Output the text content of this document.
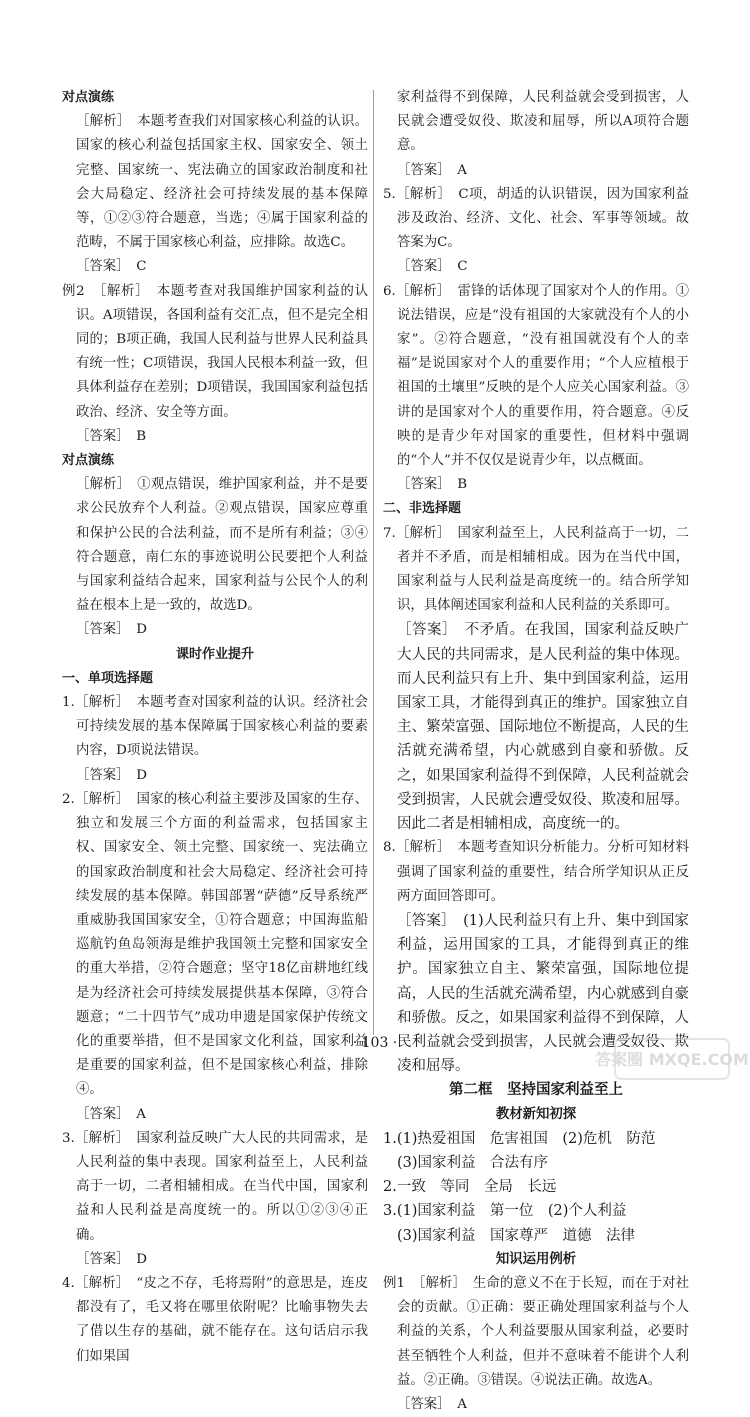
对点演练

［解析］　本题考查我们对国家核心利益的认识。国家的核心利益包括国家主权、国家安全、领土完整、国家统一、宪法确立的国家政治制度和社会大局稳定、经济社会可持续发展的基本保障等，①②③符合题意，当选；④属于国家利益的范畴，不属于国家核心利益，应排除。故选C。

［答案］　C

例2　［解析］　本题考查对我国维护国家利益的认识。A项错误，各国利益有交汇点，但不是完全相同的；B项正确，我国人民利益与世界人民利益具有统一性；C项错误，我国人民根本利益一致，但具体利益存在差别；D项错误，我国国家利益包括政治、经济、安全等方面。

［答案］　B

对点演练

［解析］　①观点错误，维护国家利益，并不是要求公民放弃个人利益。②观点错误，国家应尊重和保护公民的合法利益，而不是所有利益；③④符合题意，南仁东的事迹说明公民要把个人利益与国家利益结合起来，国家利益与公民个人的利益在根本上是一致的，故选D。

［答案］　D

课时作业提升

一、单项选择题

1.［解析］　本题考查对国家利益的认识。经济社会可持续发展的基本保障属于国家核心利益的要素内容，D项说法错误。

［答案］　D

2.［解析］　国家的核心利益主要涉及国家的生存、独立和发展三个方面的利益需求，包括国家主权、国家安全、领土完整、国家统一、宪法确立的国家政治制度和社会大局稳定、经济社会可持续发展的基本保障。韩国部署“萨德”反导系统严重威胁我国国家安全，①符合题意；中国海监船巡航钓鱼岛领海是维护我国领土完整和国家安全的重大举措，②符合题意；坚守18亿亩耕地红线是为经济社会可持续发展提供基本保障，③符合题意；“二十四节气”成功申遗是国家保护传统文化的重要举措，但不是国家文化利益，国家利益是重要的国家利益，但不是国家核心利益，排除④。

［答案］　A

3.［解析］　国家利益反映广大人民的共同需求，是人民利益的集中表现。国家利益至上，人民利益高于一切，二者相辅相成。在当代中国，国家利益和人民利益是高度统一的。所以①②③④正确。

［答案］　D

4.［解析］　“皮之不存，毛将焉附”的意思是，连皮都没有了，毛又将在哪里依附呢？比喻事物失去了借以生存的基础，就不能存在。这句话启示我们如果国

家利益得不到保障，人民利益就会受到损害，人民就会遭受奴役、欺凌和屈辱，所以A项符合题意。

［答案］　A

5.［解析］　C项，胡适的认识错误，因为国家利益涉及政治、经济、文化、社会、军事等领域。故答案为C。

［答案］　C

6.［解析］　雷锋的话体现了国家对个人的作用。①说法错误，应是“没有祖国的大家就没有个人的小家”。②符合题意，“没有祖国就没有个人的幸福”是说国家对个人的重要作用；“个人应植根于祖国的土壤里”反映的是个人应关心国家利益。③讲的是国家对个人的重要作用，符合题意。④反映的是青少年对国家的重要性，但材料中强调的“个人”并不仅仅是说青少年，以点概面。

［答案］　B

二、非选择题

7.［解析］　国家利益至上，人民利益高于一切，二者并不矛盾，而是相辅相成。因为在当代中国，国家利益与人民利益是高度统一的。结合所学知识，具体阐述国家利益和人民利益的关系即可。

［答案］　不矛盾。在我国，国家利益反映广大人民的共同需求，是人民利益的集中体现。而人民利益只有上升、集中到国家利益，运用国家工具，才能得到真正的维护。国家独立自主、繁荣富强、国际地位不断提高，人民的生活就充满希望，内心就感到自豪和骄傲。反之，如果国家利益得不到保障，人民利益就会受到损害，人民就会遭受奴役、欺凌和屈辱。因此二者是相辅相成，高度统一的。

8.［解析］　本题考查知识分析能力。分析可知材料强调了国家利益的重要性，结合所学知识从正反两方面回答即可。

［答案］　(1)人民利益只有上升、集中到国家利益，运用国家的工具，才能得到真正的维护。国家独立自主、繁荣富强，国际地位提高，人民的生活就充满希望，内心就感到自豪和骄傲。反之，如果国家利益得不到保障，人民利益就会受到损害，人民就会遭受奴役、欺凌和屈辱。

第二框　坚持国家利益至上

教材新知初探

1.(1)热爱祖国　危害祖国　(2)危机　防范

(3)国家利益　合法有序

2.一致　等同　全局　长远

3.(1)国家利益　第一位　(2)个人利益

(3)国家利益　国家尊严　道德　法律

知识运用例析

例1　［解析］　生命的意义不在于长短，而在于对社会的贡献。①正确：要正确处理国家利益与个人利益的关系，个人利益要服从国家利益，必要时甚至牺牲个人利益，但并不意味着不能讲个人利益。②正确。③错误。④说法正确。故选A。

［答案］　A

· 103 ·
答案圈 MXQE.COM
